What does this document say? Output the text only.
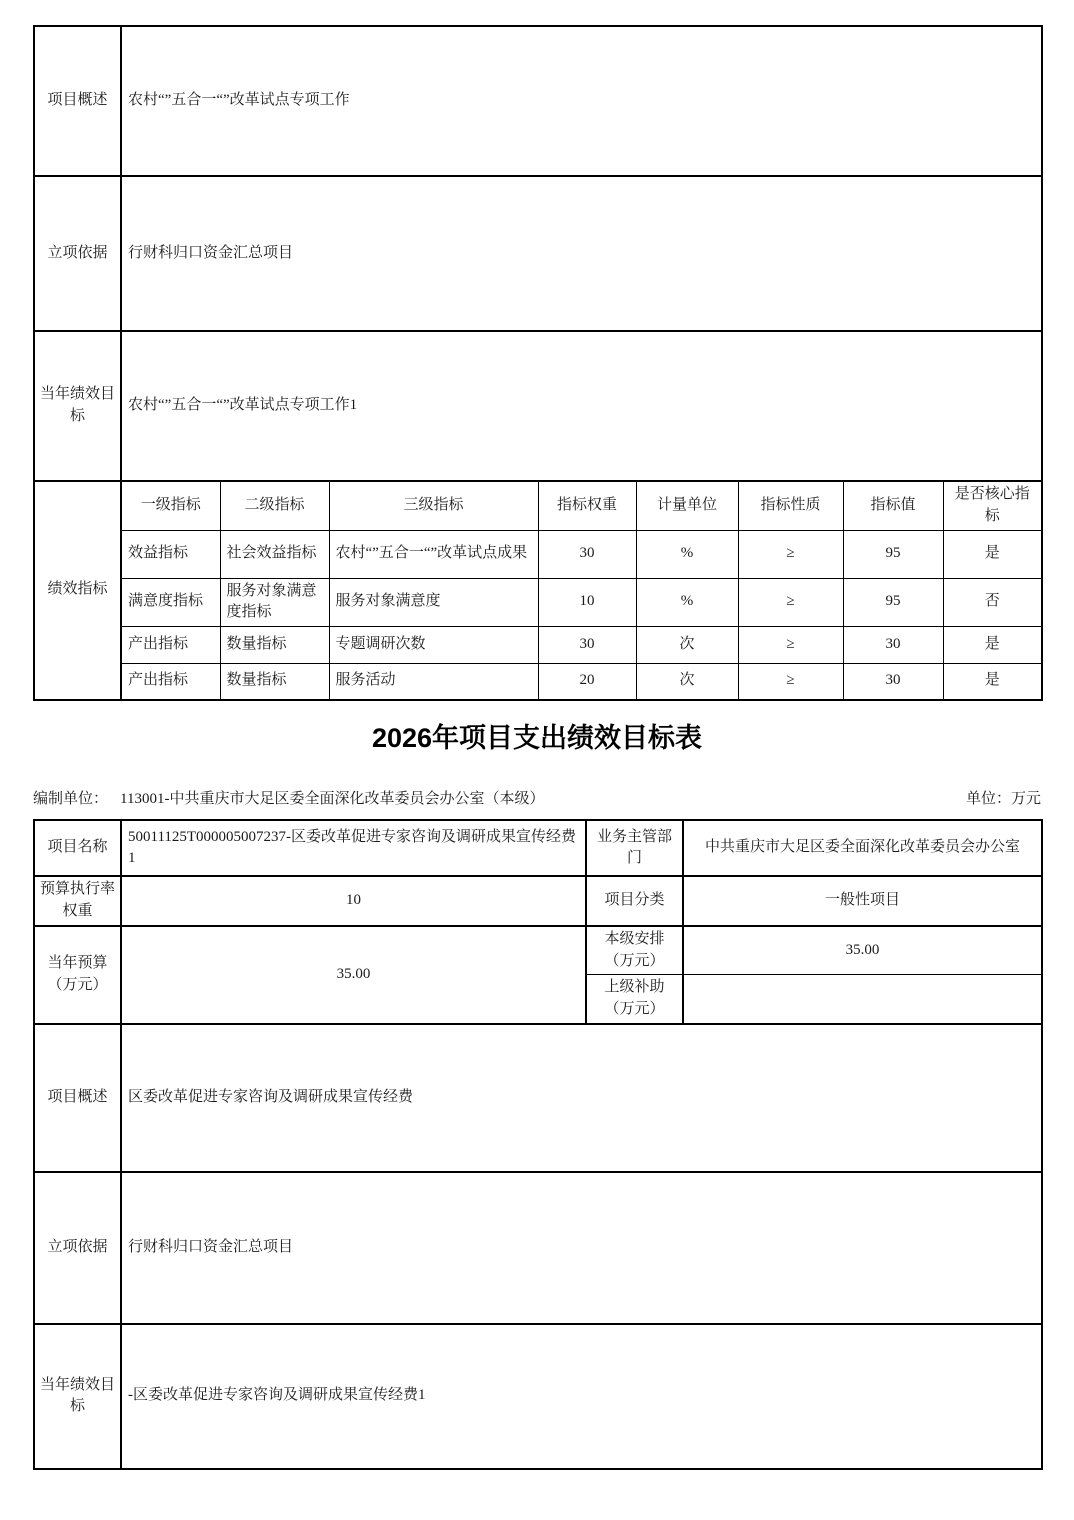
项目概述	农村“”五合一“”改革试点专项工作							
立项依据	行财科归口资金汇总项目							
当年绩效目标	农村“”五合一“”改革试点专项工作1							
绩效指标	一级指标	二级指标	三级指标	指标权重	计量单位	指标性质	指标值	是否核心指标
	效益指标	社会效益指标	农村“”五合一“”改革试点成果	30	%	≥	95	是
	满意度指标	服务对象满意度指标	服务对象满意度	10	%	≥	95	否
	产出指标	数量指标	专题调研次数	30	次	≥	30	是
	产出指标	数量指标	服务活动	20	次	≥	30	是
2026年项目支出绩效目标表
编制单位： 113001-中共重庆市大足区委全面深化改革委员会办公室（本级）	单位：万元
项目名称	50011125T000005007237-区委改革促进专家咨询及调研成果宣传经费1	业务主管部门	中共重庆市大足区委全面深化改革委员会办公室
预算执行率权重	10	项目分类	一般性项目
当年预算（万元）	35.00	本级安排（万元）	35.00
		上级补助（万元）	
项目概述	区委改革促进专家咨询及调研成果宣传经费		
立项依据	行财科归口资金汇总项目		
当年绩效目标	-区委改革促进专家咨询及调研成果宣传经费1		
